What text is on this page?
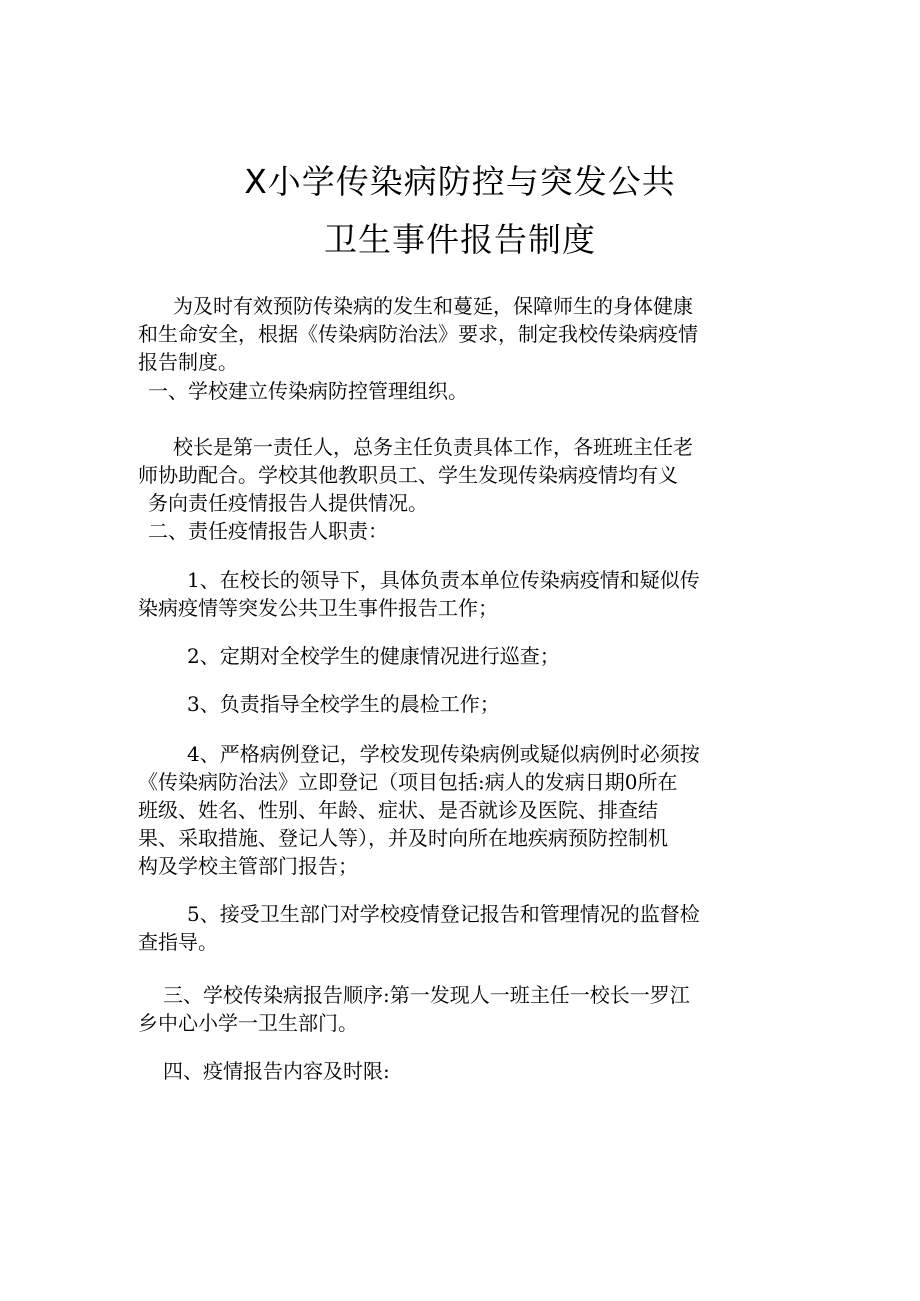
X小学传染病防控与突发公共
卫生事件报告制度
为及时有效预防传染病的发生和蔓延，保障师生的身体健康
和生命安全，根据《传染病防治法》要求，制定我校传染病疫情
报告制度。
一、学校建立传染病防控管理组织。
校长是第一责任人，总务主任负责具体工作，各班班主任老
师协助配合。学校其他教职员工、学生发现传染病疫情均有义
务向责任疫情报告人提供情况。
二、责任疫情报告人职责：
1、在校长的领导下，具体负责本单位传染病疫情和疑似传
染病疫情等突发公共卫生事件报告工作；
2、定期对全校学生的健康情况进行巡查；
3、负责指导全校学生的晨检工作；
4、严格病例登记，学校发现传染病例或疑似病例时必须按
《传染病防治法》立即登记（项目包括:病人的发病日期0所在
班级、姓名、性别、年龄、症状、是否就诊及医院、排查结
果、采取措施、登记人等），并及时向所在地疾病预防控制机
构及学校主管部门报告；
5、接受卫生部门对学校疫情登记报告和管理情况的监督检
查指导。
三、学校传染病报告顺序:第一发现人一班主任一校长一罗江
乡中心小学一卫生部门。
四、疫情报告内容及时限:
